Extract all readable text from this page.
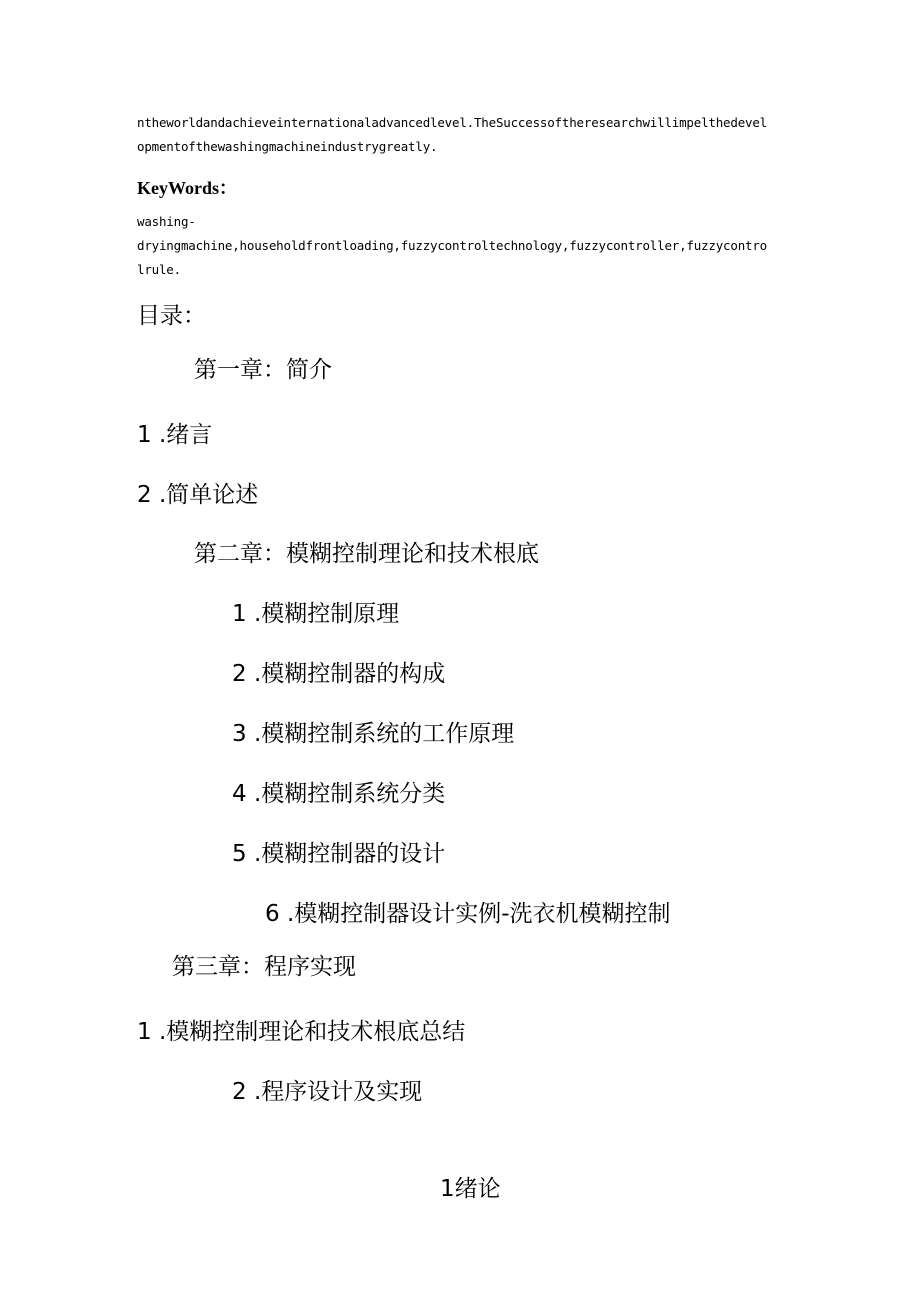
ntheworldandachieveinternationaladvancedlevel.TheSuccessoftheresearchwillimpelthedevel
opmentofthewashingmachineindustrygreatly.
KeyWords：
washing-
dryingmachine,householdfrontloading,fuzzycontroltechnology,fuzzycontroller,fuzzycontro
lrule.
目录：
第一章：简介
1 .绪言
2 .简单论述
第二章：模糊控制理论和技术根底
1 .模糊控制原理
2 .模糊控制器的构成
3 .模糊控制系统的工作原理
4 .模糊控制系统分类
5 .模糊控制器的设计
6 .模糊控制器设计实例-洗衣机模糊控制
第三章：程序实现
1 .模糊控制理论和技术根底总结
2 .程序设计及实现
1绪论
